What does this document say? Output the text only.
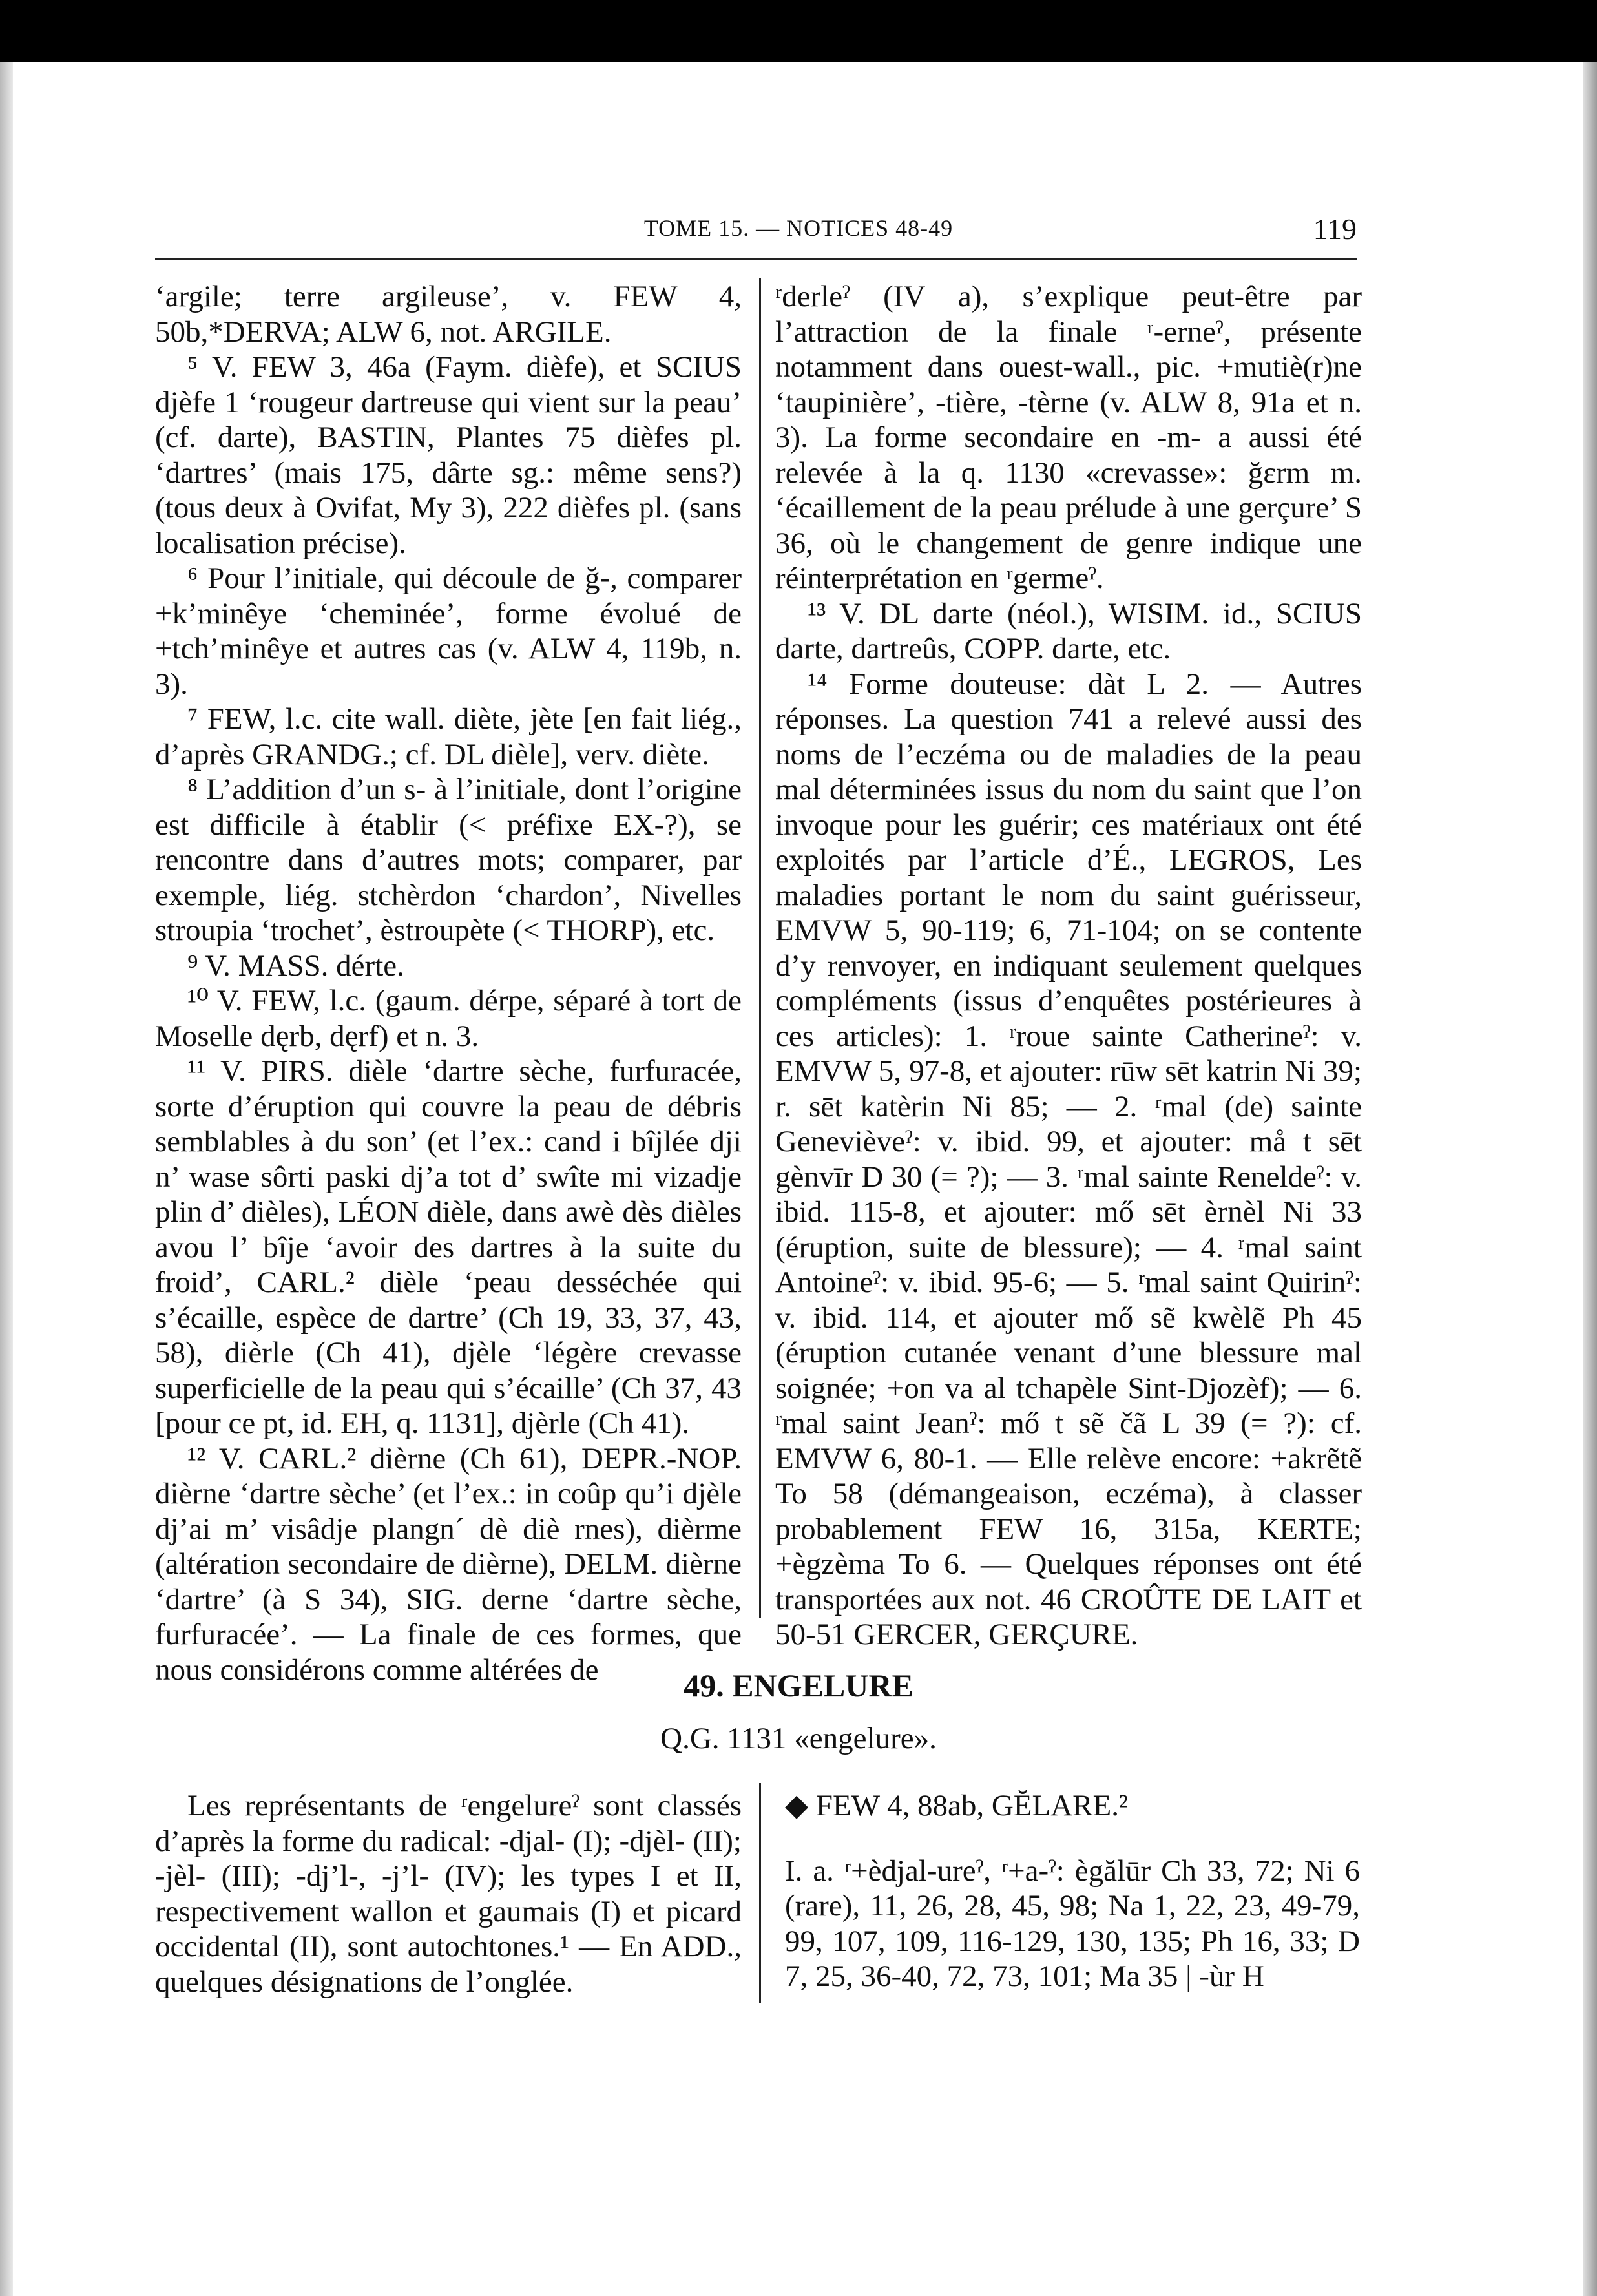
TOME 15. — NOTICES 48-49	119

‘argile; terre argileuse’, v. FEW 4, 50b,*DERVA; ALW 6, not. ARGILE.

⁵ V. FEW 3, 46a (Faym. dièfe), et SCIUS djèfe 1 ‘rougeur dartreuse qui vient sur la peau’ (cf. darte), BASTIN, Plantes 75 dièfes pl. ‘dartres’ (mais 175, dârte sg.: même sens?) (tous deux à Ovifat, My 3), 222 dièfes pl. (sans localisation précise).

⁶ Pour l’initiale, qui découle de ğ-, comparer +k’minêye ‘cheminée’, forme évolué de +tch’minêye et autres cas (v. ALW 4, 119b, n. 3).

⁷ FEW, l.c. cite wall. diète, jète [en fait liég., d’après GRANDG.; cf. DL dièle], verv. diète.

⁸ L’addition d’un s- à l’initiale, dont l’origine est difficile à établir (< préfixe EX-?), se rencontre dans d’autres mots; comparer, par exemple, liég. stchèrdon ‘chardon’, Nivelles stroupia ‘trochet’, èstroupète (< THORP), etc.

⁹ V. MASS. dérte.

¹⁰ V. FEW, l.c. (gaum. dérpe, séparé à tort de Moselle dęrb, dęrf) et n. 3.

¹¹ V. PIRS. dièle ‘dartre sèche, furfuracée, sorte d’éruption qui couvre la peau de débris semblables à du son’ (et l’ex.: cand i bîjlée dji n’ wase sôrti paski dj’a tot d’ swîte mi vizadje plin d’ dièles), LÉON dièle, dans awè dès dièles avou l’ bîje ‘avoir des dartres à la suite du froid’, CARL.² dièle ‘peau desséchée qui s’écaille, espèce de dartre’ (Ch 19, 33, 37, 43, 58), dièrle (Ch 41), djèle ‘légère crevasse superficielle de la peau qui s’écaille’ (Ch 37, 43 [pour ce pt, id. EH, q. 1131], djèrle (Ch 41).

¹² V. CARL.² dièrne (Ch 61), DEPR.-NOP. dièrne ‘dartre sèche’ (et l’ex.: in coûp qu’i djèle dj’ai m’ visâdje plangn´ dè diè rnes), dièrme (altération secondaire de dièrne), DELM. dièrne ‘dartre’ (à S 34), SIG. derne ‘dartre sèche, furfuracée’. — La finale de ces formes, que nous considérons comme altérées de

ʳderleˀ (IV a), s’explique peut-être par l’attraction de la finale ʳ-erneˀ, présente notamment dans ouest-wall., pic. +mutiè(r)ne ‘taupinière’, -tière, -tèrne (v. ALW 8, 91a et n. 3). La forme secondaire en -m- a aussi été relevée à la q. 1130 «crevasse»: ğɛrm m. ‘écaillement de la peau prélude à une gerçure’ S 36, où le changement de genre indique une réinterprétation en ʳgermeˀ.

¹³ V. DL darte (néol.), WISIM. id., SCIUS darte, dartreûs, COPP. darte, etc.

¹⁴ Forme douteuse: dàt L 2. — Autres réponses. La question 741 a relevé aussi des noms de l’eczéma ou de maladies de la peau mal déterminées issus du nom du saint que l’on invoque pour les guérir; ces matériaux ont été exploités par l’article d’É., LEGROS, Les maladies portant le nom du saint guérisseur, EMVW 5, 90-119; 6, 71-104; on se contente d’y renvoyer, en indiquant seulement quelques compléments (issus d’enquêtes postérieures à ces articles): 1. ʳroue sainte Catherineˀ: v. EMVW 5, 97-8, et ajouter: rūw sēt katrin Ni 39; r. sēt katèrin Ni 85; — 2. ʳmal (de) sainte Genevièveˀ: v. ibid. 99, et ajouter: må t sēt gènvīr D 30 (= ?); — 3. ʳmal sainte Reneldeˀ: v. ibid. 115-8, et ajouter: mő sēt èrnèl Ni 33 (éruption, suite de blessure); — 4. ʳmal saint Antoineˀ: v. ibid. 95-6; — 5. ʳmal saint Quirinˀ: v. ibid. 114, et ajouter mő sẽ kwèlẽ Ph 45 (éruption cutanée venant d’une blessure mal soignée; +on va al tchapèle Sint-Djozèf); — 6. ʳmal saint Jeanˀ: mő t sẽ čã L 39 (= ?): cf. EMVW 6, 80-1. — Elle relève encore: +akrẽtẽ To 58 (démangeaison, eczéma), à classer probablement FEW 16, 315a, KERTE; +ègzèma To 6. — Quelques réponses ont été transportées aux not. 46 CROÛTE DE LAIT et 50-51 GERCER, GERÇURE.

49. ENGELURE
Q.G. 1131 «engelure».

Les représentants de ʳengelureˀ sont classés d’après la forme du radical: -djal- (I); -djèl- (II); -jèl- (III); -dj’l-, -j’l- (IV); les types I et II, respectivement wallon et gaumais (I) et picard occidental (II), sont autochtones.¹ — En ADD., quelques désignations de l’onglée.

◆ FEW 4, 88ab, GĔLARE.²

I. a. ʳ+èdjal-ureˀ, ʳ+a-ˀ: ègălūr Ch 33, 72; Ni 6 (rare), 11, 26, 28, 45, 98; Na 1, 22, 23, 49-79, 99, 107, 109, 116-129, 130, 135; Ph 16, 33; D 7, 25, 36-40, 72, 73, 101; Ma 35 | -ùr H
